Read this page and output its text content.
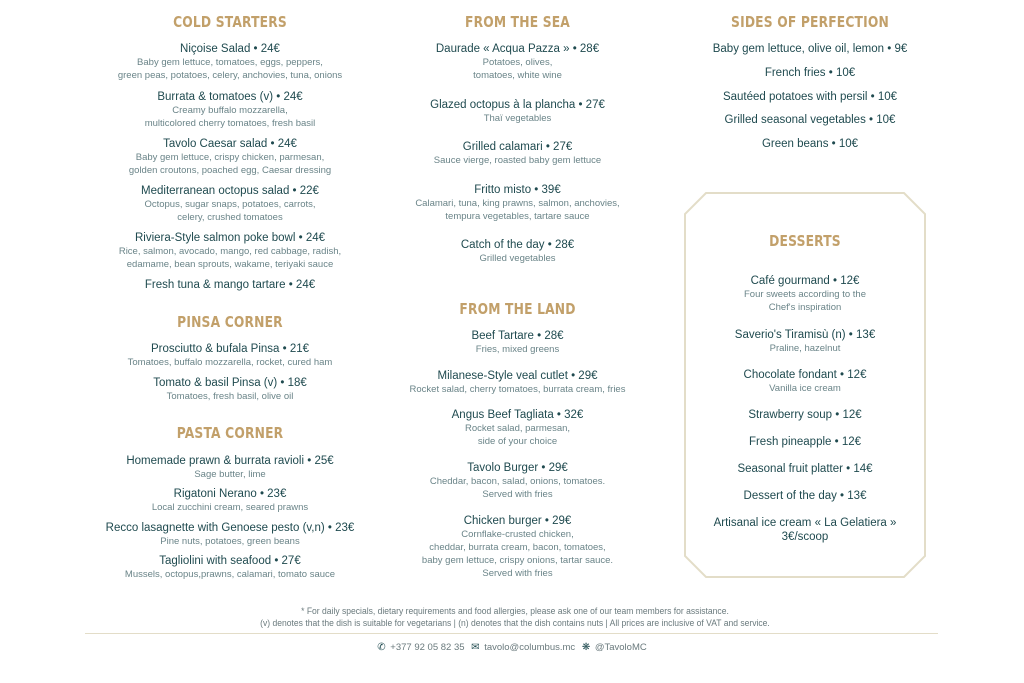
COLD STARTERS
Niçoise Salad • 24€
Baby gem lettuce, tomatoes, eggs, peppers,
green peas, potatoes, celery, anchovies, tuna, onions
Burrata & tomatoes (v) • 24€
Creamy buffalo mozzarella,
multicolored cherry tomatoes, fresh basil
Tavolo Caesar salad • 24€
Baby gem lettuce, crispy chicken, parmesan,
golden croutons, poached egg, Caesar dressing
Mediterranean octopus salad • 22€
Octopus, sugar snaps, potatoes, carrots,
celery, crushed tomatoes
Riviera-Style salmon poke bowl • 24€
Rice, salmon, avocado, mango, red cabbage, radish,
edamame, bean sprouts, wakame, teriyaki sauce
Fresh tuna & mango tartare • 24€
PINSA CORNER
Prosciutto & bufala Pinsa • 21€
Tomatoes, buffalo mozzarella, rocket, cured ham
Tomato & basil Pinsa (v) • 18€
Tomatoes, fresh basil, olive oil
PASTA CORNER
Homemade prawn & burrata ravioli • 25€
Sage butter, lime
Rigatoni Nerano • 23€
Local zucchini cream, seared prawns
Recco lasagnette with Genoese pesto (v,n) • 23€
Pine nuts, potatoes, green beans
Tagliolini with seafood • 27€
Mussels, octopus,prawns, calamari, tomato sauce
FROM THE SEA
Daurade « Acqua Pazza » • 28€
Potatoes, olives,
tomatoes, white wine
Glazed octopus à la plancha • 27€
Thaï vegetables
Grilled calamari • 27€
Sauce vierge, roasted baby gem lettuce
Fritto misto • 39€
Calamari, tuna, king prawns, salmon, anchovies,
tempura vegetables, tartare sauce
Catch of the day • 28€
Grilled vegetables
FROM THE LAND
Beef Tartare • 28€
Fries, mixed greens
Milanese-Style veal cutlet • 29€
Rocket salad, cherry tomatoes, burrata cream, fries
Angus Beef Tagliata • 32€
Rocket salad, parmesan,
side of your choice
Tavolo Burger • 29€
Cheddar, bacon, salad, onions, tomatoes.
Served with fries
Chicken burger • 29€
Cornflake-crusted chicken,
cheddar, burrata cream, bacon, tomatoes,
baby gem lettuce, crispy onions, tartar sauce.
Served with fries
SIDES OF PERFECTION
Baby gem lettuce, olive oil, lemon • 9€
French fries • 10€
Sautéed potatoes with persil • 10€
Grilled seasonal vegetables • 10€
Green beans • 10€
DESSERTS
Café gourmand • 12€
Four sweets according to the
Chef's inspiration
Saverio's Tiramisù (n) • 13€
Praline, hazelnut
Chocolate fondant • 12€
Vanilla ice cream
Strawberry soup • 12€
Fresh pineapple • 12€
Seasonal fruit platter • 14€
Dessert of the day • 13€
Artisanal ice cream « La Gelatiera »
3€/scoop
* For daily specials, dietary requirements and food allergies, please ask one of our team members for assistance.
(v) denotes that the dish is suitable for vegetarians | (n) denotes that the dish contains nuts | All prices are inclusive of VAT and service.
✆ +377 92 05 82 35 ✉ tavolo@columbus.mc ❋ @TavoloMC
